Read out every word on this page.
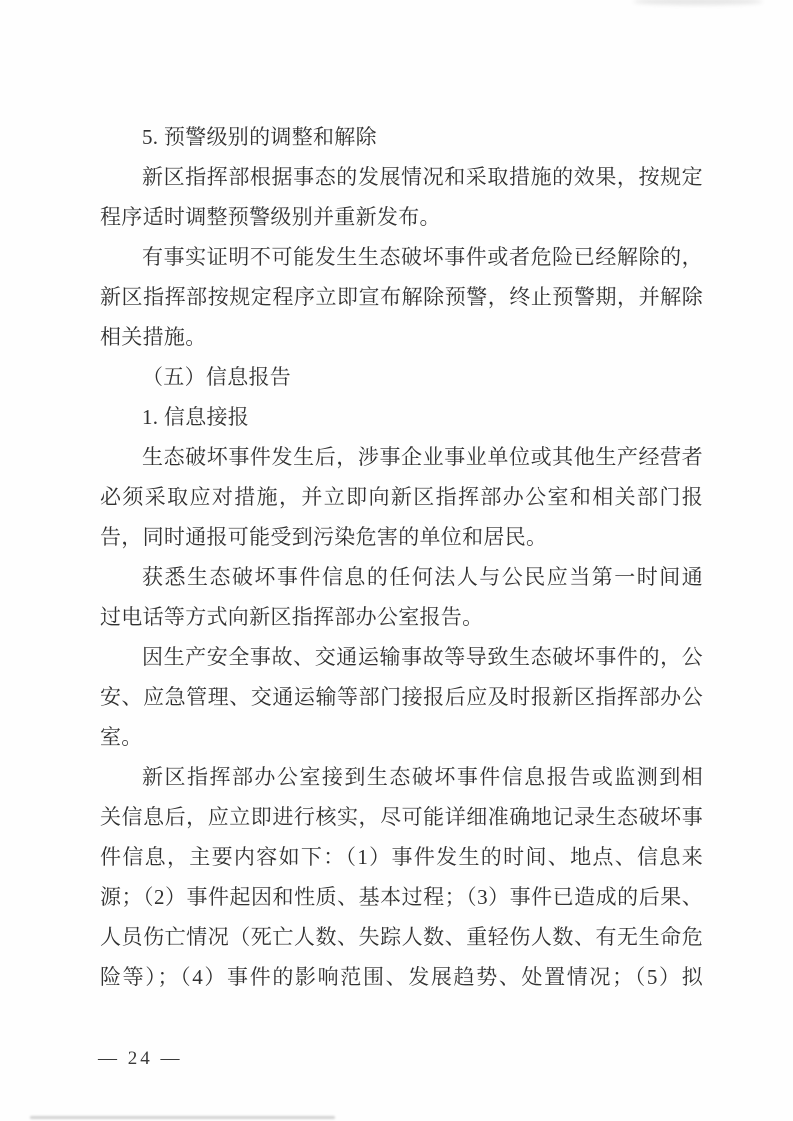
5. 预警级别的调整和解除
新区指挥部根据事态的发展情况和采取措施的效果，按规定
程序适时调整预警级别并重新发布。
有事实证明不可能发生生态破坏事件或者危险已经解除的，
新区指挥部按规定程序立即宣布解除预警，终止预警期，并解除
相关措施。
（五）信息报告
1. 信息接报
生态破坏事件发生后，涉事企业事业单位或其他生产经营者
必须采取应对措施，并立即向新区指挥部办公室和相关部门报
告，同时通报可能受到污染危害的单位和居民。
获悉生态破坏事件信息的任何法人与公民应当第一时间通
过电话等方式向新区指挥部办公室报告。
因生产安全事故、交通运输事故等导致生态破坏事件的，公
安、应急管理、交通运输等部门接报后应及时报新区指挥部办公
室。
新区指挥部办公室接到生态破坏事件信息报告或监测到相
关信息后，应立即进行核实，尽可能详细准确地记录生态破坏事
件信息，主要内容如下：（1）事件发生的时间、地点、信息来
源；（2）事件起因和性质、基本过程；（3）事件已造成的后果、
人员伤亡情况（死亡人数、失踪人数、重轻伤人数、有无生命危
险等）；（4）事件的影响范围、发展趋势、处置情况；（5）拟
— 24 —
